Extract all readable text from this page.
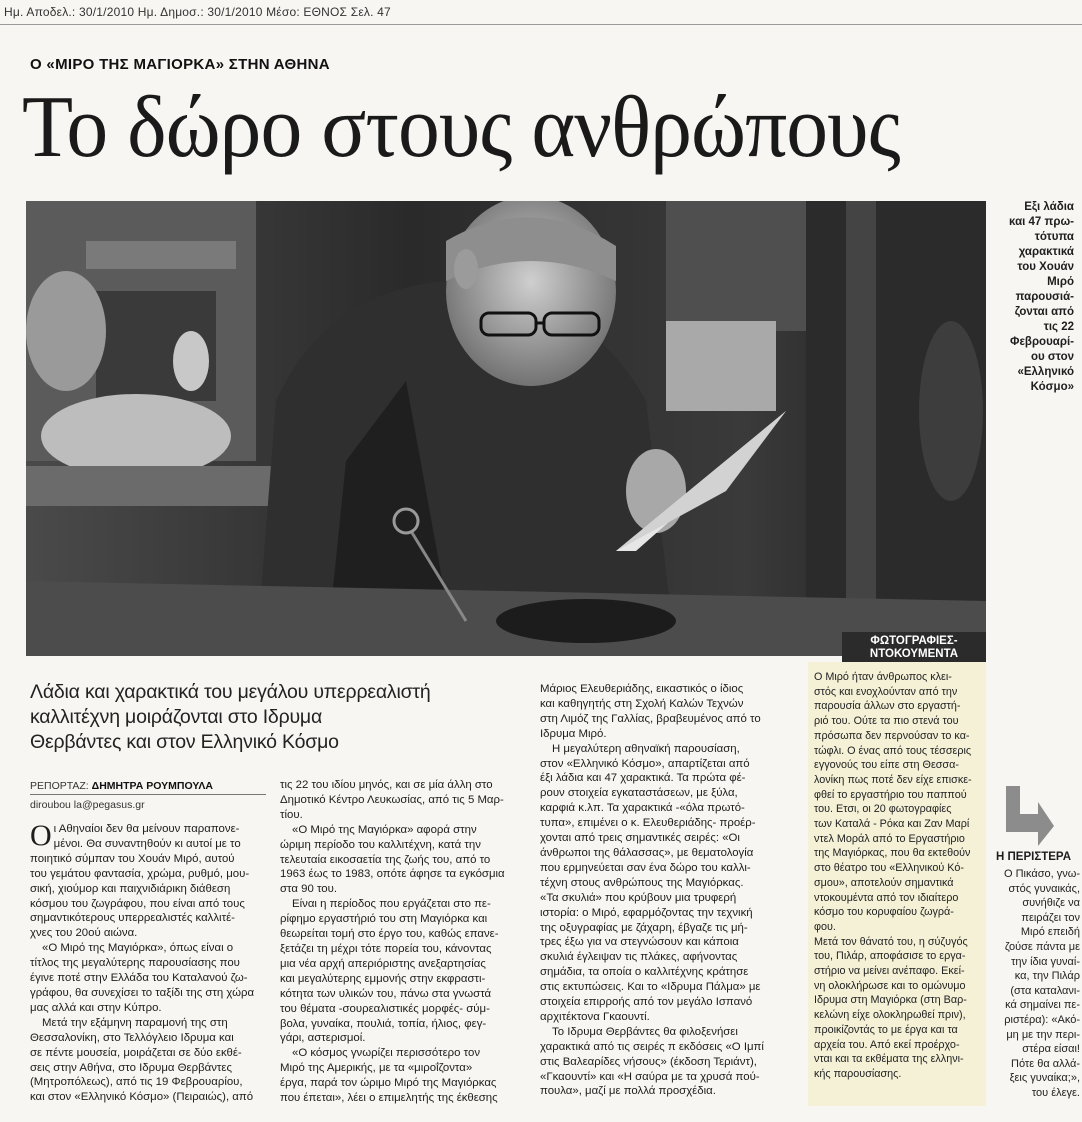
Ημ. Αποδελ.: 30/1/2010 Ημ. Δημοσ.: 30/1/2010 Μέσο: ΕΘΝΟΣ Σελ. 47
Ο «ΜΙΡΟ ΤΗΣ ΜΑΓΙΟΡΚΑ» ΣΤΗΝ ΑΘΗΝΑ
Το δώρο στους ανθρώπους
Εξι λάδια
και 47 πρω-
τότυπα
χαρακτικά
του Χουάν
Μιρό
παρουσιά-
ζονται από
τις 22
Φεβρουαρί-
ου στον
«Ελληνικό
Κόσμο»
Λάδια και χαρακτικά του μεγάλου υπερρεαλιστή
καλλιτέχνη μοιράζονται στο Ιδρυμα
Θερβάντες και στον Ελληνικό Κόσμο
ΡΕΠΟΡΤΑΖ: ΔΗΜΗΤΡΑ ΡΟΥΜΠΟΥΛΑ
diroubou la@pegasus.gr
Ο ι Αθηναίοι δεν θα μείνουν παραπονε-
μένοι. Θα συναντηθούν κι αυτοί με το
ποιητικό σύμπαν του Χουάν Μιρό, αυτού
του γεμάτου φαντασία, χρώμα, ρυθμό, μου-
σική, χιούμορ και παιχνιδιάρικη διάθεση
κόσμου του ζωγράφου, που είναι από τους
σημαντικότερους υπερρεαλιστές καλλιτέ-
χνες του 20ού αιώνα.
«Ο Μιρό της Μαγιόρκα», όπως είναι ο
τίτλος της μεγαλύτερης παρουσίασης που
έγινε ποτέ στην Ελλάδα του Καταλανού ζω-
γράφου, θα συνεχίσει το ταξίδι της στη χώρα
μας αλλά και στην Κύπρο.
Μετά την εξάμηνη παραμονή της στη
Θεσσαλονίκη, στο Τελλόγλειο Ιδρυμα και
σε πέντε μουσεία, μοιράζεται σε δύο εκθέ-
σεις στην Αθήνα, στο Ιδρυμα Θερβάντες
(Μητροπόλεως), από τις 19 Φεβρουαρίου,
και στον «Ελληνικό Κόσμο» (Πειραιώς), από
τις 22 του ιδίου μηνός, και σε μία άλλη στο
Δημοτικό Κέντρο Λευκωσίας, από τις 5 Μαρ-
τίου.
«Ο Μιρό της Μαγιόρκα» αφορά στην
ώριμη περίοδο του καλλιτέχνη, κατά την
τελευταία εικοσαετία της ζωής του, από το
1963 έως το 1983, οπότε άφησε τα εγκόσμια
στα 90 του.
Είναι η περίοδος που εργάζεται στο πε-
ρίφημο εργαστήριό του στη Μαγιόρκα και
θεωρείται τομή στο έργο του, καθώς επανε-
ξετάζει τη μέχρι τότε πορεία του, κάνοντας
μια νέα αρχή απεριόριστης ανεξαρτησίας
και μεγαλύτερης εμμονής στην εκφραστι-
κότητα των υλικών του, πάνω στα γνωστά
του θέματα -σουρεαλιστικές μορφές- σύμ-
βολα, γυναίκα, πουλιά, τοπία, ήλιος, φεγ-
γάρι, αστερισμοί.
«Ο κόσμος γνωρίζει περισσότερο τον
Μιρό της Αμερικής, με τα «μιροΐζοντα»
έργα, παρά τον ώριμο Μιρό της Μαγιόρκας
που έπεται», λέει ο επιμελητής της έκθεσης
Μάριος Ελευθεριάδης, εικαστικός ο ίδιος
και καθηγητής στη Σχολή Καλών Τεχνών
στη Λιμόζ της Γαλλίας, βραβευμένος από το
Ιδρυμα Μιρό.
Η μεγαλύτερη αθηναϊκή παρουσίαση,
στον «Ελληνικό Κόσμο», απαρτίζεται από
έξι λάδια και 47 χαρακτικά. Τα πρώτα φέ-
ρουν στοιχεία εγκαταστάσεων, με ξύλα,
καρφιά κ.λπ. Τα χαρακτικά -«όλα πρωτό-
τυπα», επιμένει ο κ. Ελευθεριάδης- προέρ-
χονται από τρεις σημαντικές σειρές: «Οι
άνθρωποι της θάλασσας», με θεματολογία
που ερμηνεύεται σαν ένα δώρο του καλλι-
τέχνη στους ανθρώπους της Μαγιόρκας.
«Τα σκυλιά» που κρύβουν μια τρυφερή
ιστορία: ο Μιρό, εφαρμόζοντας την τεχνική
της οξυγραφίας με ζάχαρη, έβγαζε τις μή-
τρες έξω για να στεγνώσουν και κάποια
σκυλιά έγλειψαν τις πλάκες, αφήνοντας
σημάδια, τα οποία ο καλλιτέχνης κράτησε
στις εκτυπώσεις. Και το «Ιδρυμα Πάλμα» με
στοιχεία επιρροής από τον μεγάλο Ισπανό
αρχιτέκτονα Γκαουντί.
Το Ιδρυμα Θερβάντες θα φιλοξενήσει
χαρακτικά από τις σειρές π εκδόσεις «Ο Ιμπί
στις Βαλεαρίδες νήσους» (έκδοση Τεριάντ),
«Γκαουντί» και «Η σαύρα με τα χρυσά πού-
πουλα», μαζί με πολλά προσχέδια.
ΦΩΤΟΓΡΑΦΙΕΣ-
ΝΤΟΚΟΥΜΕΝΤΑ
Ο Μιρό ήταν άνθρωπος κλει-
στός και ενοχλούνταν από την
παρουσία άλλων στο εργαστή-
ριό του. Ούτε τα πιο στενά του
πρόσωπα δεν περνούσαν το κα-
τώφλι. Ο ένας από τους τέσσερις
εγγονούς του είπε στη Θεσσα-
λονίκη πως ποτέ δεν είχε επισκε-
φθεί το εργαστήριο του παππού
του. Ετσι, οι 20 φωτογραφίες
των Καταλά - Ρόκα και Ζαν Μαρί
ντελ Μοράλ από το Εργαστήριο
της Μαγιόρκας, που θα εκτεθούν
στο θέατρο του «Ελληνικού Κό-
σμου», αποτελούν σημαντικά
ντοκουμέντα από τον ιδιαίτερο
κόσμο του κορυφαίου ζωγρά-
φου.
Μετά τον θάνατό του, η σύζυγός
του, Πιλάρ, αποφάσισε το εργα-
στήριο να μείνει ανέπαφο. Εκεί-
νη ολοκλήρωσε και το ομώνυμο
Ιδρυμα στη Μαγιόρκα (στη Βαρ-
κελώνη είχε ολοκληρωθεί πριν),
προικίζοντάς το με έργα και τα
αρχεία του. Από εκεί προέρχο-
νται και τα εκθέματα της ελληνι-
κής παρουσίασης.
Η ΠΕΡΙΣΤΕΡΑ
Ο Πικάσο, γνω-
στός γυναικάς,
συνήθιζε να
πειράζει τον
Μιρό επειδή
ζούσε πάντα με
την ίδια γυναί-
κα, την Πιλάρ
(στα καταλανι-
κά σημαίνει πε-
ριστέρα): «Ακό-
μη με την περι-
στέρα είσαι!
Πότε θα αλλά-
ξεις γυναίκα;»,
του έλεγε.
